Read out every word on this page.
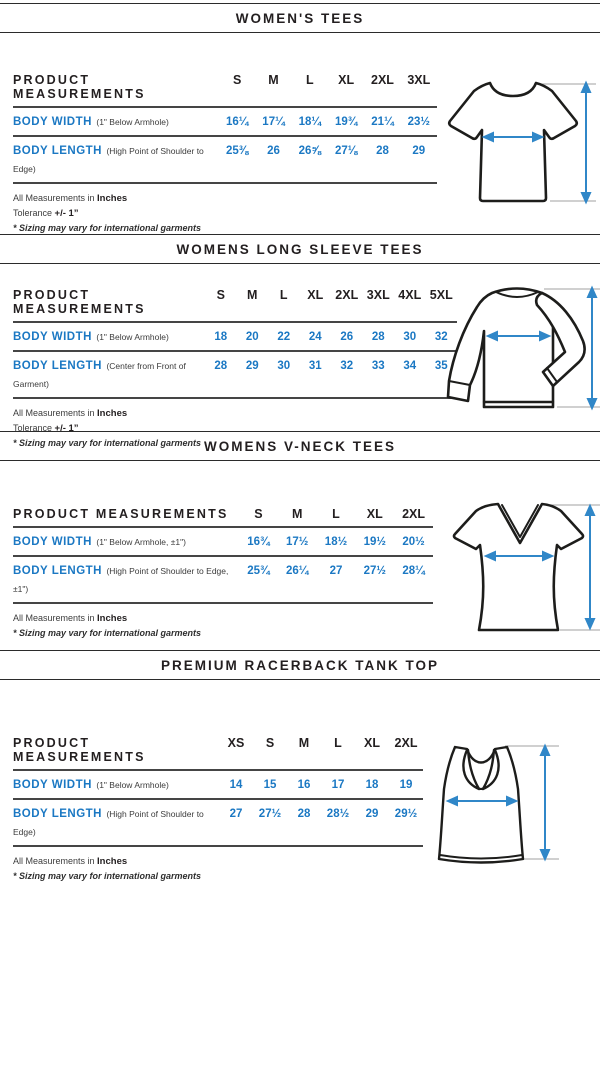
WOMEN'S TEES
PRODUCT MEASUREMENTS
S	M	L	XL	2XL	3XL
BODY WIDTH (1" Below Armhole)	16¼	17¼	18¼	19¾	21¼	23½
BODY LENGTH (High Point of Shoulder to Edge)
25⅜	26	26⅝	27⅛	28	29

All Measurements in Inches

Tolerance +/- 1”

* Sizing may vary for international garments

WOMENS LONG SLEEVE TEES
PRODUCT MEASUREMENTS
S	M	L	XL 2XL 3XL 4XL 5XL
BODY WIDTH (1" Below Armhole)	18	20	22	24	26	28	30	32
BODY LENGTH (Center from Front of Garment)
28	29	30	31	32	33	34	35

All Measurements in Inches

Tolerance +/- 1”

* Sizing may vary for international garments WOMENS V-NECK TEES
PRODUCT MEASUREMENTS	S	M	L	XL	2XL
BODY WIDTH (1" Below Armhole, ±1")	16¾	17½	18½	19½	20½
BODY LENGTH (High Point of Shoulder to Edge, ±1")
25¾	26¼	27	27½	28¼

All Measurements in Inches

* Sizing may vary for international garments

PREMIUM RACERBACK TANK TOP
PRODUCT MEASUREMENTS
XS	S	M	L	XL	2XL
BODY WIDTH (1" Below Armhole)	14	15	16	17	18	19
BODY LENGTH (High Point of Shoulder to Edge)
27	27½	28	28½	29	29½

All Measurements in Inches

* Sizing may vary for international garments
